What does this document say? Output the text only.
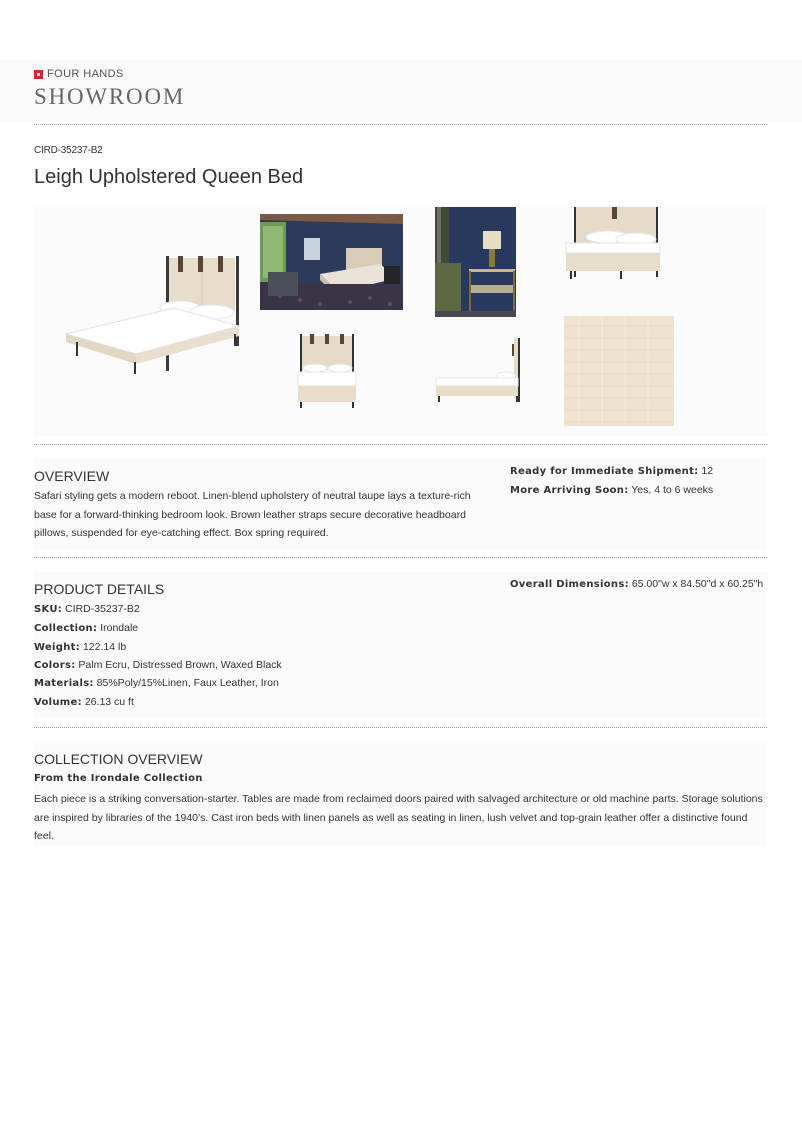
FOUR HANDS
SHOWROOM
CIRD-35237-B2
Leigh Upholstered Queen Bed
OVERVIEW
Safari styling gets a modern reboot. Linen-blend upholstery of neutral taupe lays a texture-rich base for a forward-thinking bedroom look. Brown leather straps secure decorative headboard pillows, suspended for eye-catching effect. Box spring required.
Ready for Immediate Shipment: 12
More Arriving Soon: Yes, 4 to 6 weeks
PRODUCT DETAILS
SKU: CIRD-35237-B2
Collection: Irondale
Weight: 122.14 lb
Colors: Palm Ecru, Distressed Brown, Waxed Black
Materials: 85%Poly/15%Linen, Faux Leather, Iron
Volume: 26.13 cu ft
Overall Dimensions: 65.00"w x 84.50"d x 60.25"h
COLLECTION OVERVIEW
From the Irondale Collection
Each piece is a striking conversation-starter. Tables are made from reclaimed doors paired with salvaged architecture or old machine parts. Storage solutions are inspired by libraries of the 1940’s. Cast iron beds with linen panels as well as seating in linen, lush velvet and top-grain leather offer a distinctive found feel.
